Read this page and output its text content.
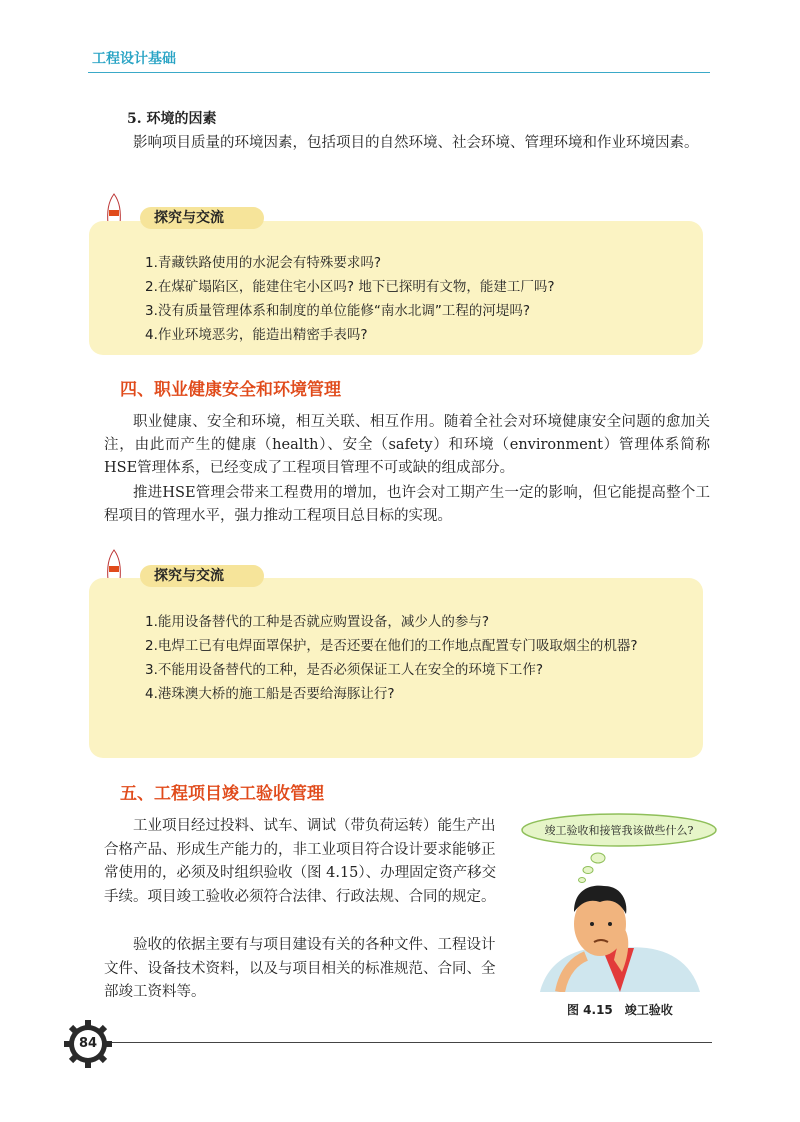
工程设计基础
5. 环境的因素
影响项目质量的环境因素，包括项目的自然环境、社会环境、管理环境和作业环境因素。
1.青藏铁路使用的水泥会有特殊要求吗?
2.在煤矿塌陷区，能建住宅小区吗? 地下已探明有文物，能建工厂吗?
3.没有质量管理体系和制度的单位能修“南水北调”工程的河堤吗?
4.作业环境恶劣，能造出精密手表吗?
探究与交流
四、职业健康安全和环境管理
职业健康、安全和环境，相互关联、相互作用。随着全社会对环境健康安全问题的愈加关注，由此而产生的健康（health）、安全（safety）和环境（environment）管理体系简称HSE管理体系，已经变成了工程项目管理不可或缺的组成部分。
推进HSE管理会带来工程费用的增加，也许会对工期产生一定的影响，但它能提高整个工程项目的管理水平，强力推动工程项目总目标的实现。
1.能用设备替代的工种是否就应购置设备，减少人的参与?
2.电焊工已有电焊面罩保护，是否还要在他们的工作地点配置专门吸取烟尘的机器?
3.不能用设备替代的工种，是否必须保证工人在安全的环境下工作?
4.港珠澳大桥的施工船是否要给海豚让行?
探究与交流
五、工程项目竣工验收管理
工业项目经过投料、试车、调试（带负荷运转）能生产出合格产品、形成生产能力的，非工业项目符合设计要求能够正常使用的，必须及时组织验收（图 4.15）、办理固定资产移交手续。项目竣工验收必须符合法律、行政法规、合同的规定。
验收的依据主要有与项目建设有关的各种文件、工程设计文件、设备技术资料，以及与项目相关的标准规范、合同、全部竣工资料等。
竣工验收和接管我该做些什么?
图 4.15　竣工验收
84
